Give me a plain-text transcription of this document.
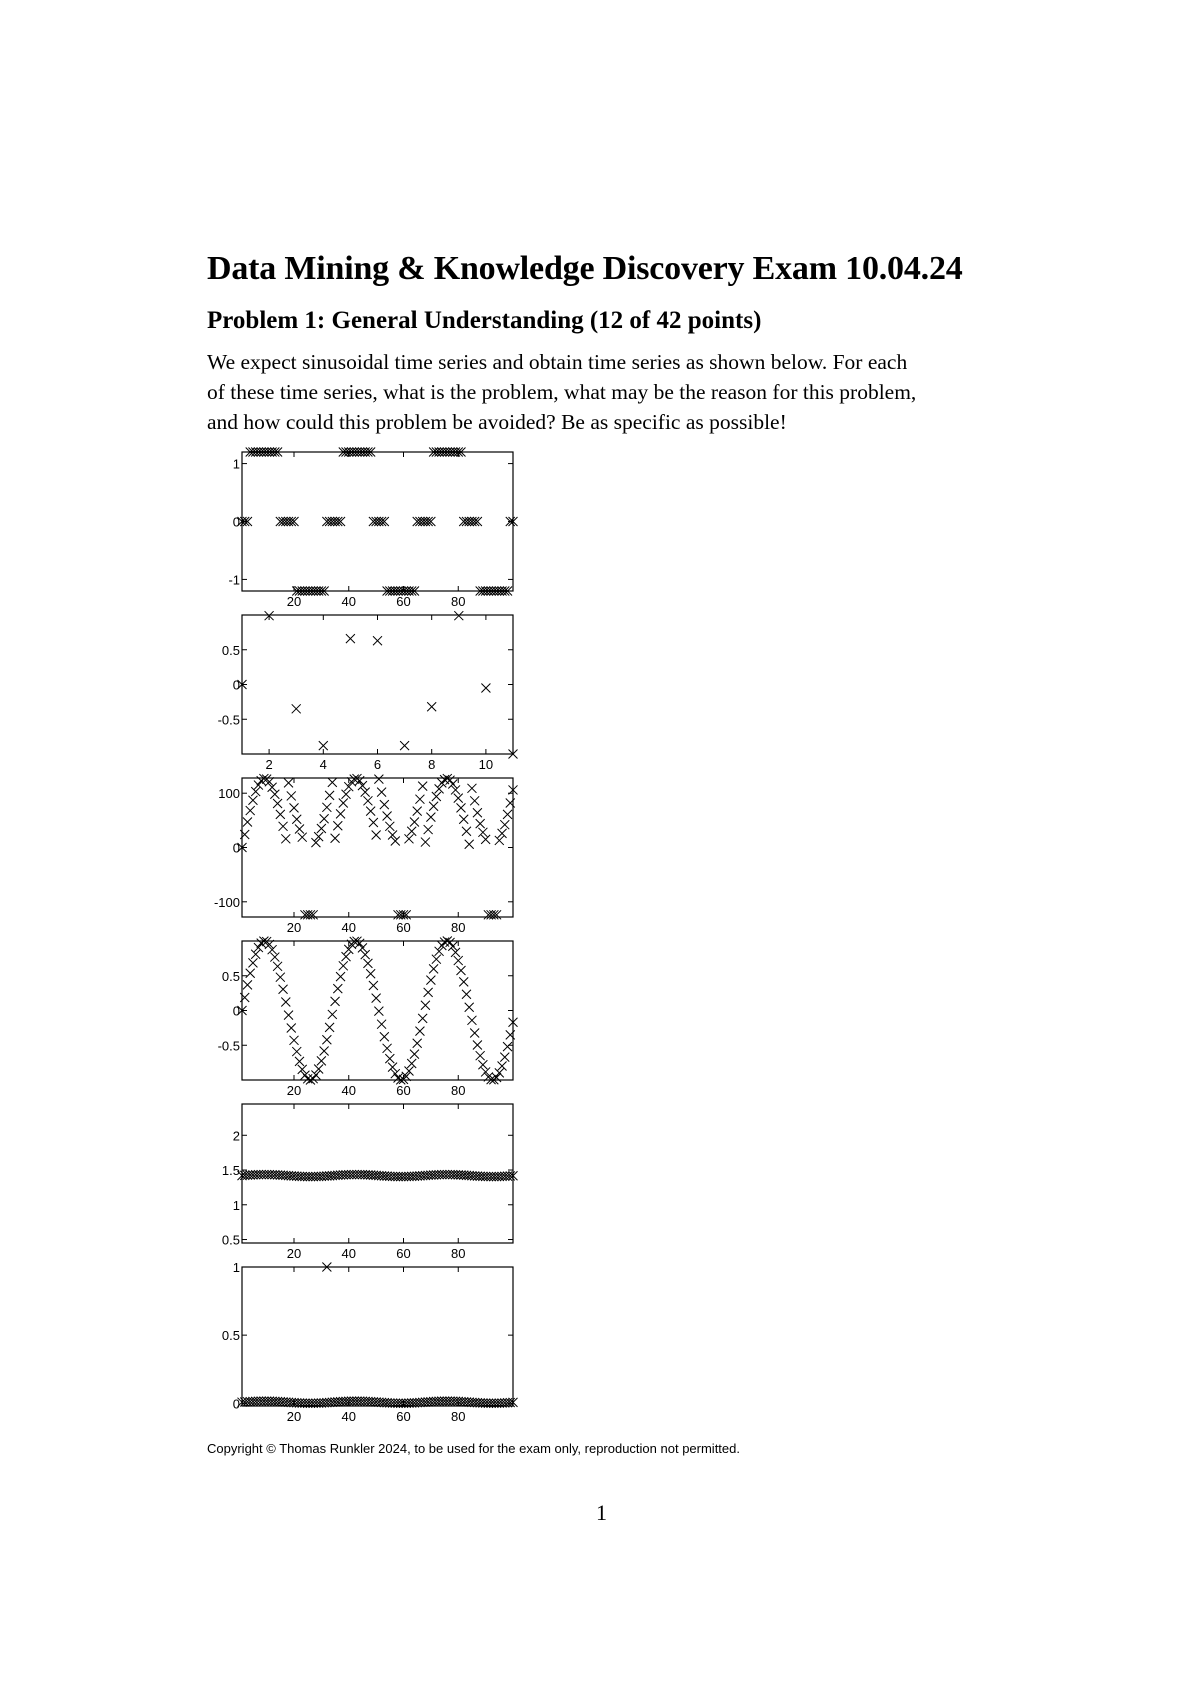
Data Mining & Knowledge Discovery Exam 10.04.24
Problem 1: General Understanding (12 of 42 points)

We expect sinusoidal time series and obtain time series as shown below. For each
of these time series, what is the problem, what may be the reason for this problem,
and how could this problem be avoided? Be as specific as possible!

20	40	60	80
1
0
-1
2	4	6	8	10
0.5
0
-0.5
20	40	60	80
100
0
-100
20	40	60	80
0.5
0
-0.5
20	40	60	80
2
1.5
1
0.5
20	40	60	80
1
0.5
0

Copyright © Thomas Runkler 2024, to be used for the exam only, reproduction not permitted.

1
